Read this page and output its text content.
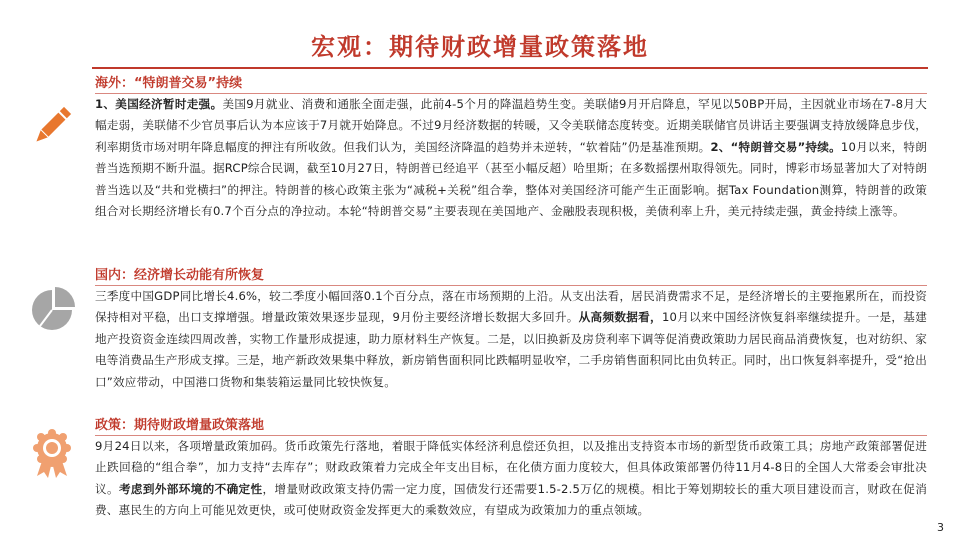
宏观：期待财政增量政策落地
海外：“特朗普交易”持续
1、美国经济暂时走强。美国9月就业、消费和通胀全面走强，此前4-5个月的降温趋势生变。美联储9月开启降息，罕见以50BP开局，主因就业市场在7-8月大幅走弱，美联储不少官员事后认为本应该于7月就开始降息。不过9月经济数据的转暖，又令美联储态度转变。近期美联储官员讲话主要强调支持放缓降息步伐，利率期货市场对明年降息幅度的押注有所收敛。但我们认为，美国经济降温的趋势并未逆转，“软着陆”仍是基准预期。2、“特朗普交易”持续。10月以来，特朗普当选预期不断升温。据RCP综合民调，截至10月27日，特朗普已经追平（甚至小幅反超）哈里斯；在多数摇摆州取得领先。同时，博彩市场显著加大了对特朗普当选以及“共和党横扫”的押注。特朗普的核心政策主张为“减税+关税”组合拳，整体对美国经济可能产生正面影响。据Tax Foundation测算，特朗普的政策组合对长期经济增长有0.7个百分点的净拉动。本轮“特朗普交易”主要表现在美国地产、金融股表现积极，美债利率上升，美元持续走强，黄金持续上涨等。
国内：经济增长动能有所恢复
三季度中国GDP同比增长4.6%，较二季度小幅回落0.1个百分点，落在市场预期的上沿。从支出法看，居民消费需求不足，是经济增长的主要拖累所在，而投资保持相对平稳，出口支撑增强。增量政策效果逐步显现，9月份主要经济增长数据大多回升。从高频数据看，10月以来中国经济恢复斜率继续提升。一是，基建地产投资资金连续四周改善，实物工作量形成提速，助力原材料生产恢复。二是，以旧换新及房贷利率下调等促消费政策助力居民商品消费恢复，也对纺织、家电等消费品生产形成支撑。三是，地产新政效果集中释放，新房销售面积同比跌幅明显收窄，二手房销售面积同比由负转正。同时，出口恢复斜率提升，受“抢出口”效应带动，中国港口货物和集装箱运量同比较快恢复。
政策：期待财政增量政策落地
9月24日以来，各项增量政策加码。货币政策先行落地，着眼于降低实体经济利息偿还负担，以及推出支持资本市场的新型货币政策工具；房地产政策部署促进止跌回稳的“组合拳”，加力支持“去库存”；财政政策着力完成全年支出目标，在化债方面力度较大，但具体政策部署仍待11月4-8日的全国人大常委会审批决议。考虑到外部环境的不确定性，增量财政政策支持仍需一定力度，国债发行还需要1.5-2.5万亿的规模。相比于筹划期较长的重大项目建设而言，财政在促消费、惠民生的方向上可能见效更快，或可使财政资金发挥更大的乘数效应，有望成为政策加力的重点领域。
3
